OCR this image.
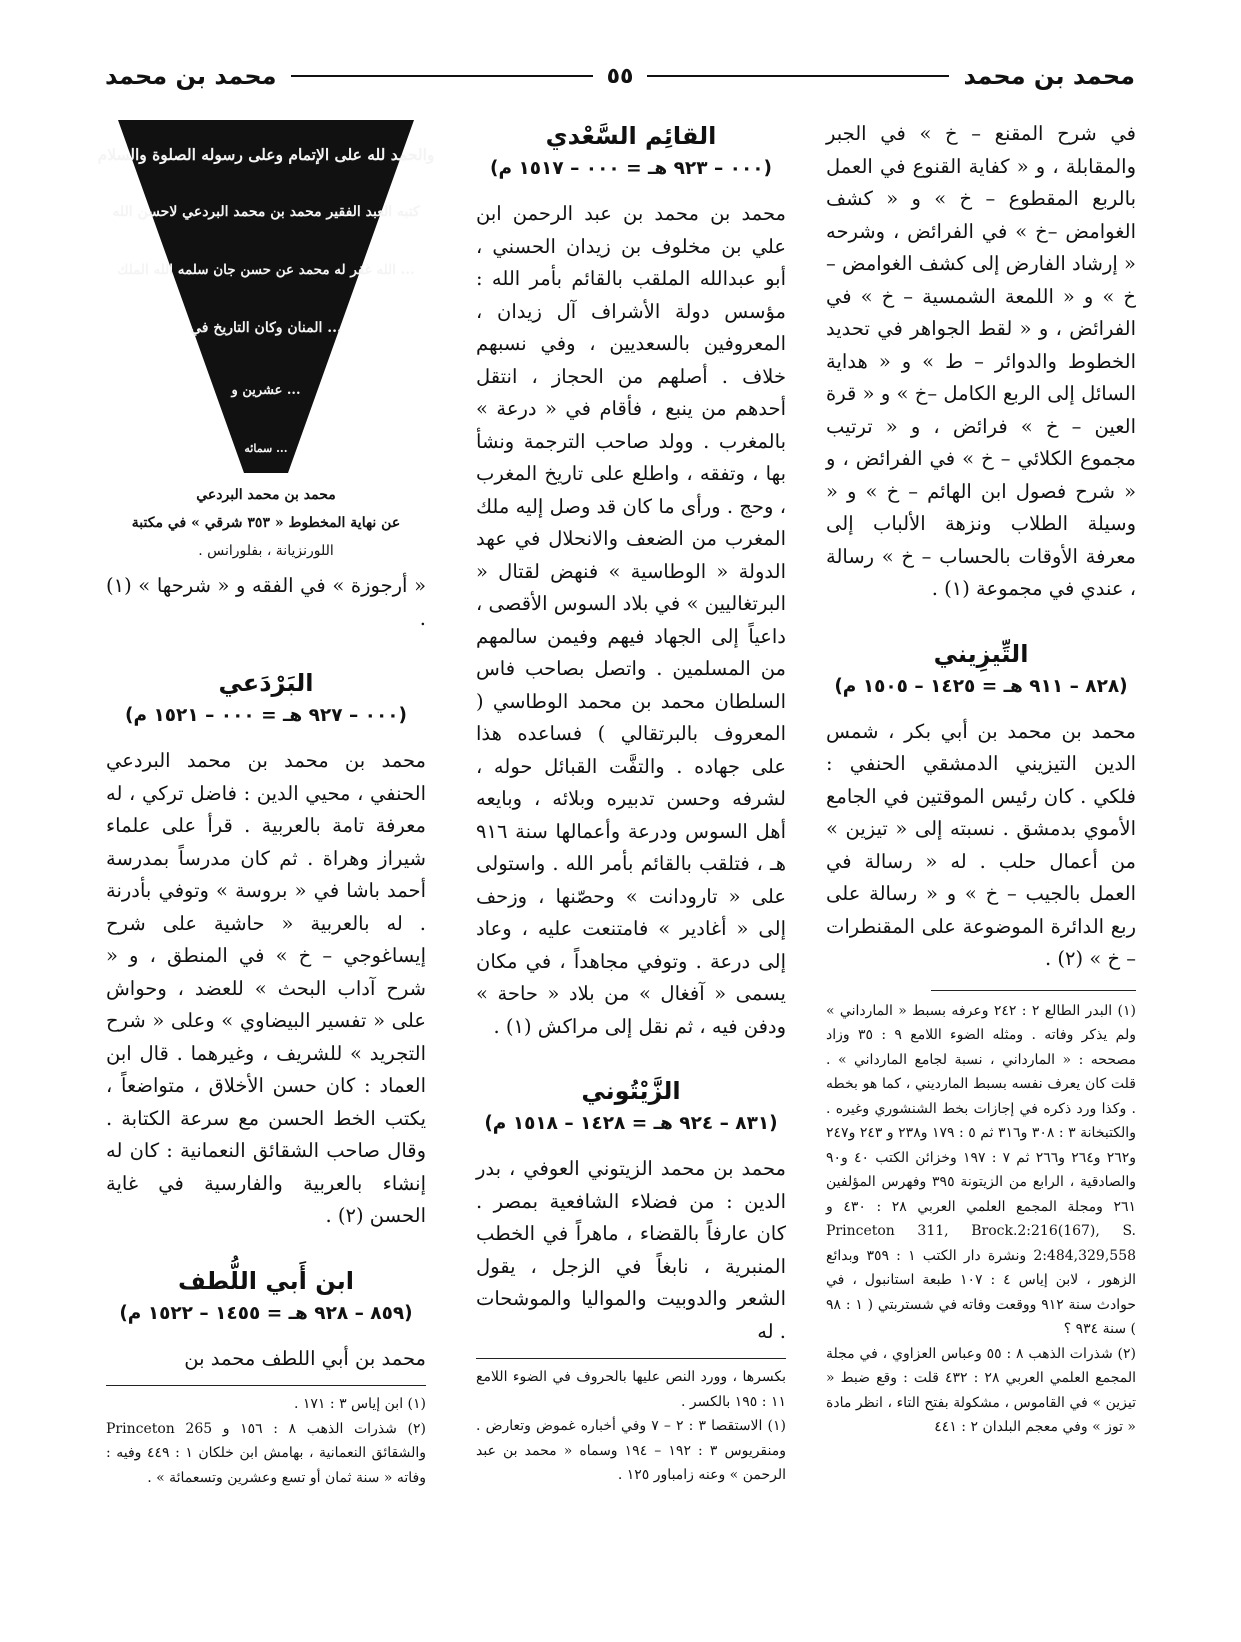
محمد بن محمد
٥٥
محمد بن محمد

في شرح المقنع – خ » في الجبر والمقابلة ، و « كفاية القنوع في العمل بالربع المقطوع – خ » و « كشف الغوامض –خ » في الفرائض ، وشرحه « إرشاد الفارض إلى كشف الغوامض – خ » و « اللمعة الشمسية – خ » في الفرائض ، و « لقط الجواهر في تحديد الخطوط والدوائر – ط » و « هداية السائل إلى الربع الكامل –خ » و « قرة العين – خ » فرائض ، و « ترتيب مجموع الكلائي – خ » في الفرائض ، و « شرح فصول ابن الهائم – خ » و « وسيلة الطلاب ونزهة الألباب إلى معرفة الأوقات بالحساب – خ » رسالة ، عندي في مجموعة (١) .

التِّيزِيني

(٨٢٨ – ٩١١ هـ = ١٤٢٥ – ١٥٠٥ م)

محمد بن محمد بن أبي بكر ، شمس الدين التيزيني الدمشقي الحنفي : فلكي . كان رئيس الموقتين في الجامع الأموي بدمشق . نسبته إلى « تيزين » من أعمال حلب . له « رسالة في العمل بالجيب – خ » و « رسالة على ربع الدائرة الموضوعة على المقنطرات – خ » (٢) .

(١) البدر الطالع ٢ : ٢٤٢ وعرفه بسبط « المارداني » ولم يذكر وفاته . ومثله الضوء اللامع ٩ : ٣٥ وزاد مصححه : « المارداني ، نسبة لجامع المارداني » . قلت كان يعرف نفسه بسبط المارديني ، كما هو بخطه . وكذا ورد ذكره في إجازات بخط الشنشوري وغيره . والكتبخانة ٣ : ٣٠٨ و٣١٦ ثم ٥ : ١٧٩ و٢٣٨ و ٢٤٣ و٢٤٧ و٢٦٢ و٢٦٤ و٢٦٦ ثم ٧ : ١٩٧ وخزائن الكتب ٤٠ و٩٠ والصادقية ، الرابع من الزيتونة ٣٩٥ وفهرس المؤلفين ٢٦١ ومجلة المجمع العلمي العربي ٢٨ : ٤٣٠ و Princeton 311, Brock.2:216(167), S. 2:484,329,558 ونشرة دار الكتب ١ : ٣٥٩ وبدائع الزهور ، لابن إياس ٤ : ١٠٧ طبعة استانبول ، في حوادث سنة ٩١٢ ووقعت وفاته في شستربتي ( ١ : ٩٨ ) سنة ٩٣٤ ؟

(٢) شذرات الذهب ٨ : ٥٥ وعباس العزاوي ، في مجلة المجمع العلمي العربي ٢٨ : ٤٣٢ قلت : وقع ضبط « تيزين » في القاموس ، مشكولة بفتح التاء ، انظر مادة « توز » وفي معجم البلدان ٢ : ٤٤١

القائِم السَّعْدي

(٠٠٠ – ٩٢٣ هـ = ٠٠٠ – ١٥١٧ م)

محمد بن محمد بن عبد الرحمن ابن علي بن مخلوف بن زيدان الحسني ، أبو عبدالله الملقب بالقائم بأمر الله : مؤسس دولة الأشراف آل زيدان ، المعروفين بالسعديين ، وفي نسبهم خلاف . أصلهم من الحجاز ، انتقل أحدهم من ينبع ، فأقام في « درعة » بالمغرب . وولد صاحب الترجمة ونشأ بها ، وتفقه ، واطلع على تاريخ المغرب ، وحج . ورأى ما كان قد وصل إليه ملك المغرب من الضعف والانحلال في عهد الدولة « الوطاسية » فنهض لقتال « البرتغاليين » في بلاد السوس الأقصى ، داعياً إلى الجهاد فيهم وفيمن سالمهم من المسلمين . واتصل بصاحب فاس السلطان محمد بن محمد الوطاسي ( المعروف بالبرتقالي ) فساعده هذا على جهاده . والتفَّت القبائل حوله ، لشرفه وحسن تدبيره وبلائه ، وبايعه أهل السوس ودرعة وأعمالها سنة ٩١٦ هـ ، فتلقب بالقائم بأمر الله . واستولى على « تارودانت » وحصّنها ، وزحف إلى « أغادير » فامتنعت عليه ، وعاد إلى درعة . وتوفي مجاهداً ، في مكان يسمى « آفغال » من بلاد « حاحة » ودفن فيه ، ثم نقل إلى مراكش (١) .

الزَّيْتُوني

(٨٣١ – ٩٢٤ هـ = ١٤٢٨ – ١٥١٨ م)

محمد بن محمد الزيتوني العوفي ، بدر الدين : من فضلاء الشافعية بمصر . كان عارفاً بالقضاء ، ماهراً في الخطب المنبرية ، نابغاً في الزجل ، يقول الشعر والدوبيت والمواليا والموشحات . له

بكسرها ، وورد النص عليها بالحروف في الضوء اللامع ١١ : ١٩٥ بالكسر .

(١) الاستقصا ٣ : ٢ – ٧ وفي أخباره غموض وتعارض . ومنقريوس ٣ : ١٩٢ – ١٩٤ وسماه « محمد بن عبد الرحمن » وعنه زامباور ١٢٥ .

والحمد لله على الإتمام وعلى رسوله الصلوة والسلام
كتبه العبد الفقير محمد بن محمد البردعي لاحسن الله
... الله غفر له محمد عن حسن جان سلمه الله الملك
... المنان وكان التاريخ في
... عشرين و
... سمائه

محمد بن محمد البردعي

عن نهاية المخطوط « ٣٥٣ شرقي » في مكتبة

اللورنزيانة ، بفلورانس .

« أرجوزة » في الفقه و « شرحها » (١) .

البَرْدَعي

(٠٠٠ – ٩٢٧ هـ = ٠٠٠ – ١٥٢١ م)

محمد بن محمد بن محمد البردعي الحنفي ، محيي الدين : فاضل تركي ، له معرفة تامة بالعربية . قرأ على علماء شيراز وهراة . ثم كان مدرساً بمدرسة أحمد باشا في « بروسة » وتوفي بأدرنة . له بالعربية « حاشية على شرح إيساغوجي – خ » في المنطق ، و « شرح آداب البحث » للعضد ، وحواش على « تفسير البيضاوي » وعلى « شرح التجريد » للشريف ، وغيرهما . قال ابن العماد : كان حسن الأخلاق ، متواضعاً ، يكتب الخط الحسن مع سرعة الكتابة . وقال صاحب الشقائق النعمانية : كان له إنشاء بالعربية والفارسية في غاية الحسن (٢) .

ابن أَبي اللُّطف

(٨٥٩ – ٩٢٨ هـ = ١٤٥٥ – ١٥٢٢ م)

محمد بن أبي اللطف محمد بن

(١) ابن إياس ٣ : ١٧١ .

(٢) شذرات الذهب ٨ : ١٥٦ و Princeton 265 والشقائق النعمانية ، بهامش ابن خلكان ١ : ٤٤٩ وفيه : وفاته « سنة ثمان أو تسع وعشرين وتسعمائة » .
